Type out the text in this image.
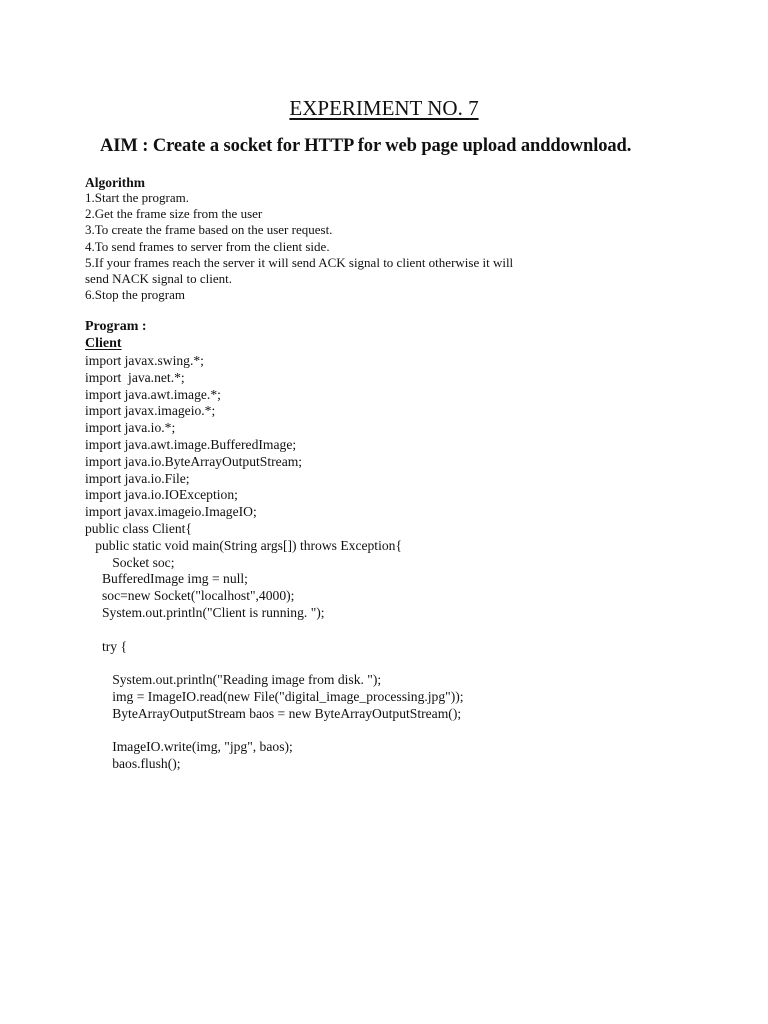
EXPERIMENT NO. 7
AIM : Create a socket for HTTP for web page upload anddownload.
Algorithm
1.Start the program.
2.Get the frame size from the user
3.To create the frame based on the user request.
4.To send frames to server from the client side.
5.If your frames reach the server it will send ACK signal to client otherwise it will
send NACK signal to client.
6.Stop the program
Program :
Client
import javax.swing.*;
import  java.net.*;
import java.awt.image.*;
import javax.imageio.*;
import java.io.*;
import java.awt.image.BufferedImage;
import java.io.ByteArrayOutputStream;
import java.io.File;
import java.io.IOException;
import javax.imageio.ImageIO;
public class Client{
public static void main(String args[]) throws Exception{
Socket soc;
BufferedImage img = null;
soc=new Socket("localhost",4000);
System.out.println("Client is running. ");
try {
System.out.println("Reading image from disk. ");
img = ImageIO.read(new File("digital_image_processing.jpg"));
ByteArrayOutputStream baos = new ByteArrayOutputStream();
ImageIO.write(img, "jpg", baos);
baos.flush();
